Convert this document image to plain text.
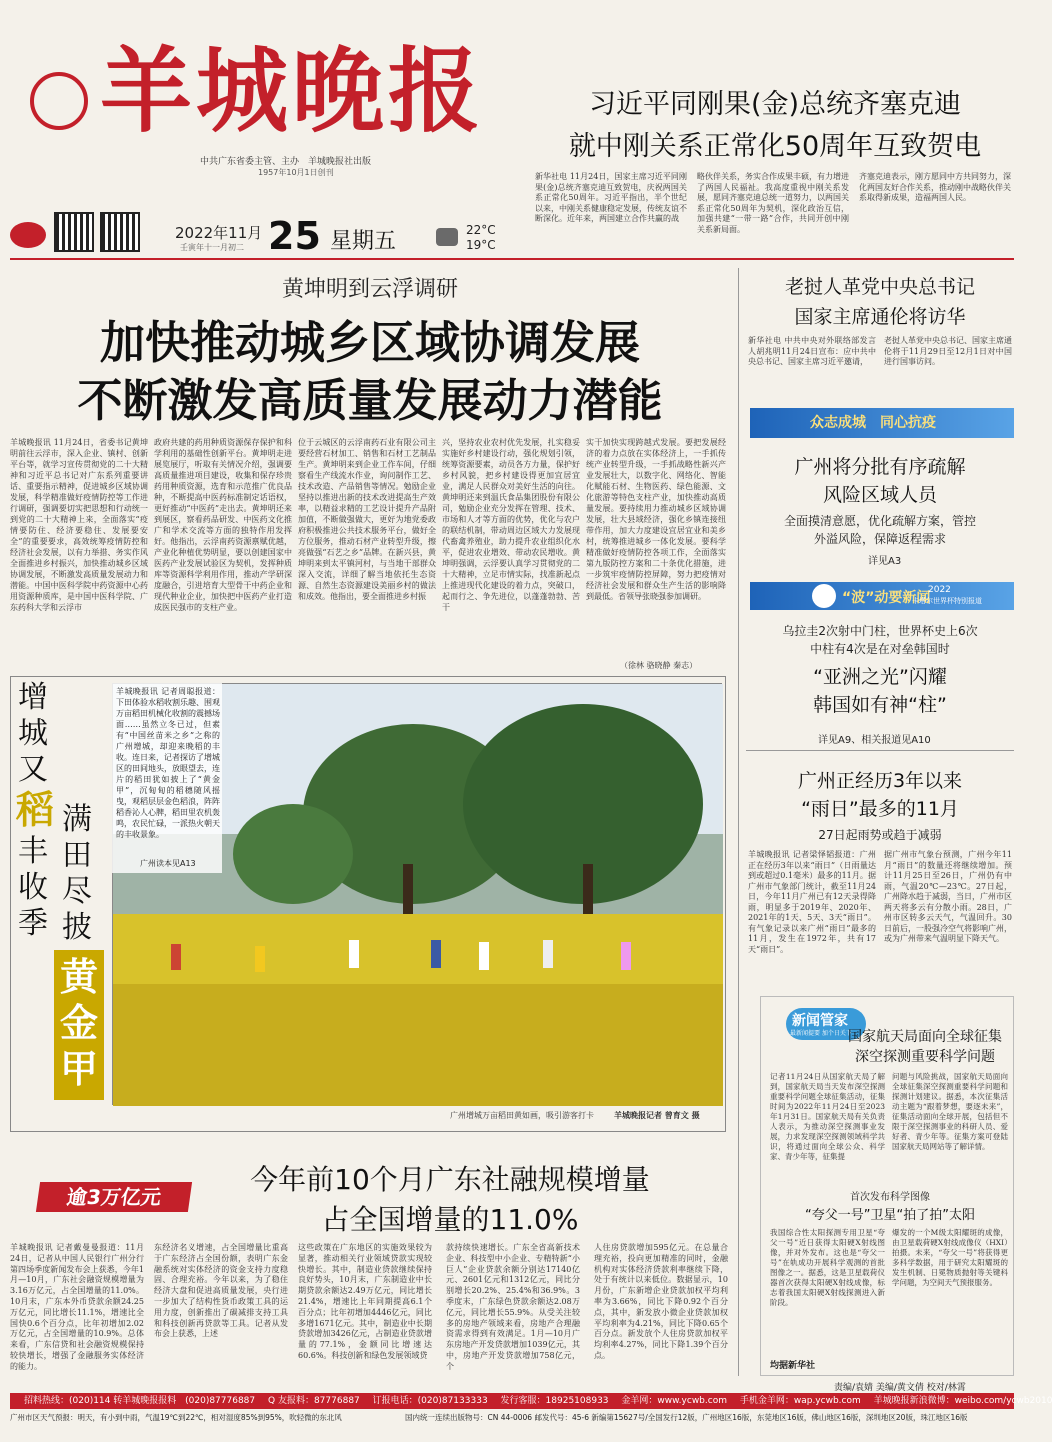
羊城晚报
中共广东省委主管、主办　羊城晚报社出版
1957年10月1日创刊
2022年11月
壬寅年十一月初二 25 星期五	22°C
19°C
习近平同刚果(金)总统齐塞克迪
就中刚关系正常化50周年互致贺电
新华社电 11月24日，国家主席习近平同刚果(金)总统齐塞克迪互致贺电，庆祝两国关系正常化50周年。习近平指出，半个世纪以来，中刚关系健康稳定发展，传统友谊不断深化。近年来，两国建立合作共赢的战
略伙伴关系，务实合作成果丰硕，有力增进了两国人民福祉。我高度重视中刚关系发展，愿同齐塞克迪总统一道努力，以两国关系正常化50周年为契机，深化政治互信，加强共建“一带一路”合作，共同开创中刚关系新局面。
齐塞克迪表示，刚方愿同中方共同努力，深化两国友好合作关系，推动刚中战略伙伴关系取得新成果，造福两国人民。
黄坤明到云浮调研
加快推动城乡区域协调发展
不断激发高质量发展动力潜能
羊城晚报讯 11月24日，省委书记黄坤明前往云浮市，深入企业、镇村、创新平台等，就学习宣传贯彻党的二十大精神和习近平总书记对广东系列重要讲话、重要指示精神，促进城乡区域协调发展，科学精准做好疫情防控等工作进行调研，强调要切实把思想和行动统一到党的二十大精神上来，全面落实“疫情要防住、经济要稳住、发展要安全”的重要要求，高效统筹疫情防控和经济社会发展，以有力举措、务实作风全面推进乡村振兴，加快推动城乡区域协调发展，不断激发高质量发展动力和潜能。中国中医科学院中药资源中心药用资源种质库，是中国中医科学院、广东药科大学和云浮市
政府共建的药用种质资源保存保护和科学利用的基础性创新平台。黄坤明走进展览展厅，听取有关情况介绍，强调要高质量推进项目建设，收集和保存珍贵药用种质资源，选育和示范推广优良品种，不断提高中医药标准制定话语权，更好推动“中医药”走出去。黄坤明还来到展区，察看药品研发、中医药文化推广和学术交流等方面的独特作用发挥好。他指出，云浮南药资源禀赋优越，产业化种植优势明显，要以创建国家中医药产业发展试验区为契机，发挥种质库等资源科学利用作用，推动产学研深度融合，引进培育大型骨干中药企业和现代种业企业，加快把中医药产业打造成医民强市的支柱产业。
位于云城区的云浮南药石业有限公司主要经营石材加工、销售和石材工艺制品生产。黄坤明来到企业工作车间，仔细察看生产线流水作业，询问制作工艺、技术改造、产品销售等情况。勉励企业坚持以推进出新的技术改进提高生产效率，以精益求精的工艺设计提升产品附加值，不断做强做大，更好为地党委政府积极推进公共技术服务平台，做好全方位服务，推动石材产业转型升级，擦亮做强“石艺之乡”品牌。在新兴县，黄坤明来到太平镇河村，与当地干部群众深入交流，详细了解当地依托生态资源、自然生态资源建设美丽乡村的做法和成效。他指出，要全面推进乡村振
兴，坚持农业农村优先发展，扎实稳妥实施好乡村建设行动，强化规划引领，统筹资源要素，动员各方力量，保护好乡村风貌，把乡村建设得更加宜居宜业，满足人民群众对美好生活的向往。黄坤明还来到温氏食品集团股份有限公司，勉励企业充分发挥在管理、技术、市场和人才等方面的优势，优化与农户的联结机制，带动周边区域大力发展现代畜禽养殖业，助力提升农业组织化水平，促进农业增效、带动农民增收。黄坤明强调，云浮要认真学习贯彻党的二十大精神，立足市情实际，找准新起点上推进现代化建设的着力点，突破口，起而行之、争先进位，以蓬蓬勃勃、苦干
实干加快实现跨越式发展。要把发展经济的着力点放在实体经济上，一手抓传统产业转型升级，一手抓战略性新兴产业发展壮大，以数字化、网络化、智能化赋能石材、生物医药、绿色能源、文化旅游等特色支柱产业，加快推动高质量发展。要持续用力推动城乡区域协调发展，壮大县域经济，强化乡镇连接纽带作用，加大力度建设宜居宜业和美乡村，统筹推进城乡一体化发展。要科学精准做好疫情防控各项工作，全面落实第九版防控方案和二十条优化措施，进一步筑牢疫情防控屏障，努力把疫情对经济社会发展和群众生产生活的影响降到最低。省领导张晓强参加调研。
（徐林 骆晓静 秦志）
老挝人革党中央总书记
国家主席通伦将访华
新华社电 中共中央对外联络部发言人胡兆明11月24日宣布：应中共中央总书记、国家主席习近平邀请，
老挝人革党中央总书记、国家主席通伦将于11月29日至12月1日对中国进行国事访问。
众志成城　同心抗疫
广州将分批有序疏解
风险区域人员
全面摸清意愿，优化疏解方案，管控
外溢风险，保障返程需求
详见A3
“波”动要新闻
2022
卡塔尔世界杯特别报道
乌拉圭2次射中门柱，世界杯史上6次
中柱有4次是在对垒韩国时
“亚洲之光”闪耀
韩国如有神“柱”
详见A9、相关报道见A10
广州正经历3年以来
“雨日”最多的11月
27日起雨势或趋于减弱
羊城晚报讯 记者梁怿韬报道：广州正在经历3年以来“雨日”（日雨量达到或超过0.1毫米）最多的11月。据广州市气象部门统计，截至11月24日，今年11月广州已有12天录得降雨，明显多于2019年、2020年、2021年的1天、5天、3天“雨日”。有气象记录以来广州“雨日”最多的11月，发生在1972年，共有17天“雨日”。
据广州市气象台预测，广州今年11月“雨日”的数量还将继续增加。预计11月25日至26日，广州仍有中雨，气温20℃—23℃。27日起，广州降水趋于减弱，当日，广州市区两天将多云有分散小雨。28日，广州市区转多云天气，气温回升。30日前后，一股强冷空气将影响广州，或为广州带来气温明显下降天气。
新闻管家
最新闻提要 加个日关下
国家航天局面向全球征集
深空探测重要科学问题
记者11月24日从国家航天局了解到，国家航天局当天发布深空探测重要科学问题全球征集活动，征集时间为2022年11月24日至2023年1月31日。国家航天局有关负责人表示，为推动深空探测事业发展，力求发现深空探测领域科学共识，将通过面向全球公众、科学家、青少年等，征集提
问题与风险挑战，国家航天局面向全球征集深空探测重要科学问题和探测计划建议。据悉，本次征集活动主题为“跟着梦想，要逐未来”，征集活动面向全球开展，包括但不限于深空探测事业的科研人员、爱好者、青少年等。征集方案可登陆国家航天局网站等了解详情。
首次发布科学图像
“夸父一号”卫星“拍了拍”太阳
我国综合性太阳探测专用卫星“夸父一号”近日获得太阳硬X射线图像，并对外发布。这也是“夸父一号”在轨成功开展科学观测的首批图像之一。据悉，这是卫星载荷仪器首次获得太阳硬X射线成像，标志着我国太阳硬X射线探测进入新阶段。
爆发的一个M级太阳耀斑的成像，由卫星载荷硬X射线成像仪（HXI）拍摄。未来，“夸父一号”将获得更多科学数据，用于研究太阳耀斑的发生机制、日冕物质抛射等关键科学问题，为空间天气预报服务。
均据新华社
增城又
稻
丰收季
满田尽披
黄金甲
羊城晚报讯 记者周聪报道：下田体验水稻收割乐趣、围观万亩稻田机械化收割的震撼场面……虽然立冬已过，但素有“中国丝苗米之乡”之称的广州增城，却迎来晚稻的丰收。连日来，记者探访了增城区的田间地头，放眼望去，连片的稻田犹如披上了“黄金甲”，沉甸甸的稻穗随风摇曳，观稻层层金色稻浪，阵阵稻香沁人心脾，稻田里农机轰鸣，农民忙碌，一派热火朝天的丰收景象。
广州读本见A13
广州增城万亩稻田黄如画，吸引游客打卡	羊城晚报记者 曾育文 摄
逾3万亿元
今年前10个月广东社融规模增量
占全国增量的11.0%
羊城晚报讯 记者戴曼曼报道：11月24日，记者从中国人民银行广州分行第四场季度新闻发布会上获悉，今年1月—10月，广东社会融资规模增量为3.16万亿元，占全国增量的11.0%。10月末，广东本外币贷款余额24.25万亿元，同比增长11.1%，增速比全国快0.6个百分点，比年初增加2.02万亿元，占全国增量的10.9%。总体来看，广东信贷和社会融资规模保持较快增长，增强了金融服务实体经济的能力。
东经济名义增速，占全国增量比重高于广东经济占全国份额，表明广东金融系统对实体经济的资金支持力度稳固、合理充裕。今年以来，为了稳住经济大盘和促进高质量发展，央行进一步加大了结构性货币政策工具的运用力度，创新推出了碳减排支持工具和科技创新再贷款等工具。记者从发布会上获悉，上述
这些政策在广东地区的实施效果较为显著，推动相关行业领域贷款实现较快增长。其中，制造业贷款继续保持良好势头，10月末，广东制造业中长期贷款余额达2.49万亿元，同比增长21.4%，增速比上年同期提高6.1个百分点；比年初增加4446亿元，同比多增1671亿元。其中，制造业中长期贷款增加3426亿元，占制造业贷款增量的77.1%，金额同比增速达60.6%。科技创新和绿色发展领域贷
款持续快速增长。广东全省高新技术企业、科技型中小企业、专精特新“小巨人”企业贷款余额分别达17140亿元、2601亿元和1312亿元，同比分别增长20.2%、25.4%和36.9%。3季度末，广东绿色贷款余额达2.08万亿元，同比增长55.9%。从受关注较多的房地产领域来看，房地产合理融资需求得到有效满足。1月—10月广东房地产开发贷款增加1039亿元，其中，房地产开发贷款增加758亿元，个
人住房贷款增加595亿元。在总量合理充裕，投向更加精准的同时，金融机构对实体经济贷款利率继续下降，处于有统计以来低位。数据显示，10月份，广东新增企业贷款加权平均利率为3.66%，同比下降0.92个百分点，其中，新发放小微企业贷款加权平均利率为4.21%，同比下降0.65个百分点。新发放个人住房贷款加权平均利率4.27%，同比下降1.39个百分点。
责编/袁婧 美编/黄文倩 校对/林霄
招料热线：(020)114 转羊城晚报报料 (020)87776887 Q 友报料：87776887 订报电话：(020)87133333 发行客服：18925108933 金羊网：www.ycwb.com 手机金羊网：wap.ycwb.com 羊城晚报新浪微博：weibo.com/ycwb2010
广州市区天气预报：明天，有小到中雨，气温19℃到22℃，相对湿度85%到95%，吹轻微的东北风	国内统一连续出版物号：CN 44-0006 邮发代号：45-6 新编第15627号/全国发行12版，广州地区16版，东莞地区16版，佛山地区16版，深圳地区20版，珠江地区16版
